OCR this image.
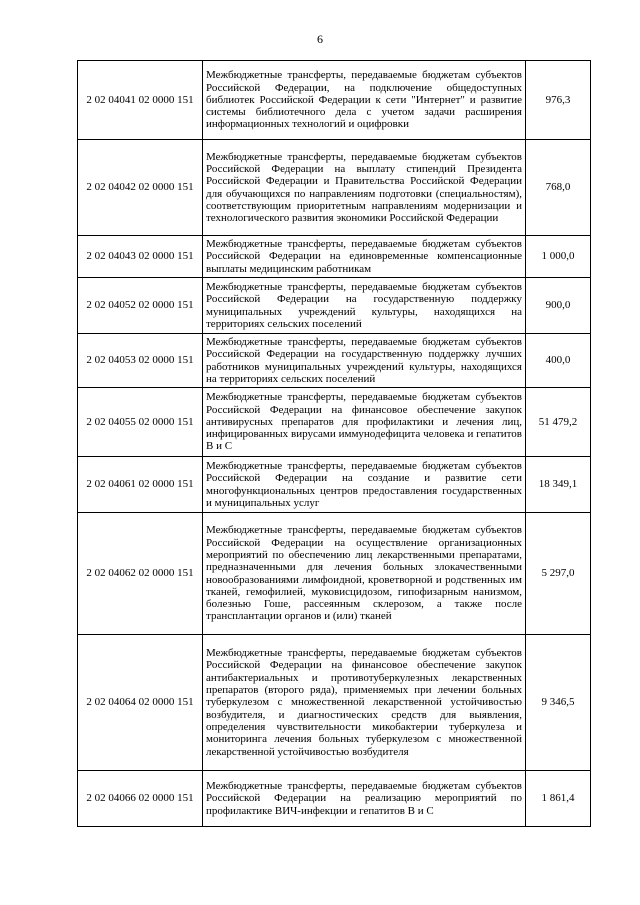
6
2 02 04041 02 0000 151	Межбюджетные трансферты, передаваемые бюджетам субъектов Российской Федерации, на подключение общедоступных библиотек Российской Федерации к сети "Интернет" и развитие системы библиотечного дела с учетом задачи расширения информационных технологий и оцифровки	976,3
2 02 04042 02 0000 151	Межбюджетные трансферты, передаваемые бюджетам субъектов Российской Федерации на выплату стипендий Президента Российской Федерации и Правительства Российской Федерации для обучающихся по направлениям подготовки (специальностям), соответствующим приоритетным направлениям модернизации и технологического развития экономики Российской Федерации	768,0
2 02 04043 02 0000 151	Межбюджетные трансферты, передаваемые бюджетам субъектов Российской Федерации на единовременные компенсационные выплаты медицинским работникам	1 000,0
2 02 04052 02 0000 151	Межбюджетные трансферты, передаваемые бюджетам субъектов Российской Федерации на государственную поддержку муниципальных учреждений культуры, находящихся на территориях сельских поселений	900,0
2 02 04053 02 0000 151	Межбюджетные трансферты, передаваемые бюджетам субъектов Российской Федерации на государственную поддержку лучших работников муниципальных учреждений культуры, находящихся на территориях сельских поселений	400,0
2 02 04055 02 0000 151	Межбюджетные трансферты, передаваемые бюджетам субъектов Российской Федерации на финансовое обеспечение закупок антивирусных препаратов для профилактики и лечения лиц, инфицированных вирусами иммунодефицита человека и гепатитов B и C	51 479,2
2 02 04061 02 0000 151	Межбюджетные трансферты, передаваемые бюджетам субъектов Российской Федерации на создание и развитие сети многофункциональных центров предоставления государственных и муниципальных услуг	18 349,1
2 02 04062 02 0000 151	Межбюджетные трансферты, передаваемые бюджетам субъектов Российской Федерации на осуществление организационных мероприятий по обеспечению лиц лекарственными препаратами, предназначенными для лечения больных злокачественными новообразованиями лимфоидной, кроветворной и родственных им тканей, гемофилией, муковисцидозом, гипофизарным нанизмом, болезнью Гоше, рассеянным склерозом, а также после трансплантации органов и (или) тканей	5 297,0
2 02 04064 02 0000 151	Межбюджетные трансферты, передаваемые бюджетам субъектов Российской Федерации на финансовое обеспечение закупок антибактериальных и противотуберкулезных лекарственных препаратов (второго ряда), применяемых при лечении больных туберкулезом с множественной лекарственной устойчивостью возбудителя, и диагностических средств для выявления, определения чувствительности микобактерии туберкулеза и мониторинга лечения больных туберкулезом с множественной лекарственной устойчивостью возбудителя	9 346,5
2 02 04066 02 0000 151	Межбюджетные трансферты, передаваемые бюджетам субъектов Российской Федерации на реализацию мероприятий по профилактике ВИЧ-инфекции и гепатитов B и C	1 861,4
